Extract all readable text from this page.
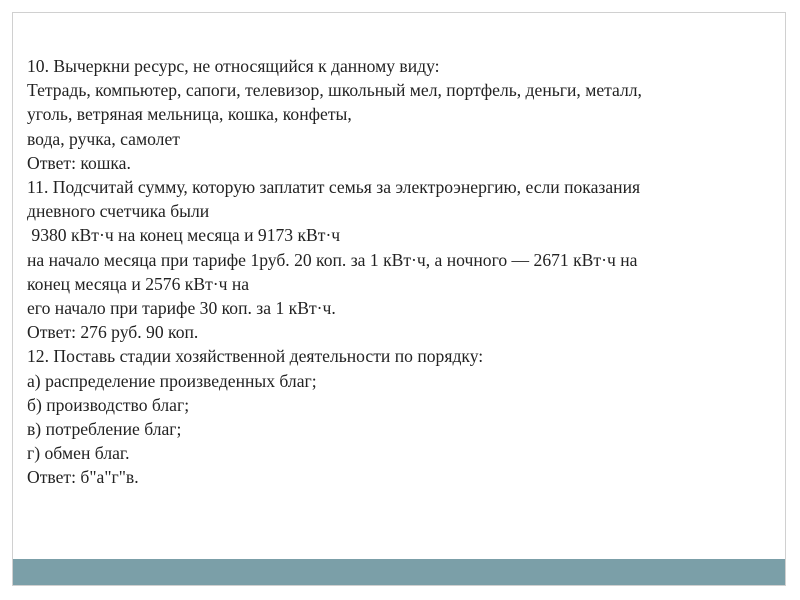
10. Вычеркни ресурс, не относящийся к данному виду:
Тетрадь, компьютер, сапоги, телевизор, школьный мел, портфель, деньги, металл,
уголь, ветряная мельница, кошка, конфеты,
вода, ручка, самолет
Ответ: кошка.
11. Подсчитай сумму, которую заплатит семья за электроэнергию, если показания
дневного счетчика были
9380 кВт·ч на конец месяца и 9173 кВт·ч
на начало месяца при тарифе 1руб. 20 коп. за 1 кВт·ч, а ночного — 2671 кВт·ч на
конец месяца и 2576 кВт·ч на
его начало при тарифе 30 коп. за 1 кВт·ч.
Ответ: 276 руб. 90 коп.
12. Поставь стадии хозяйственной деятельности по порядку:
а) распределение произведенных благ;
б) производство благ;
в) потребление благ;
г) обмен благ.
Ответ: б"а"г"в.
